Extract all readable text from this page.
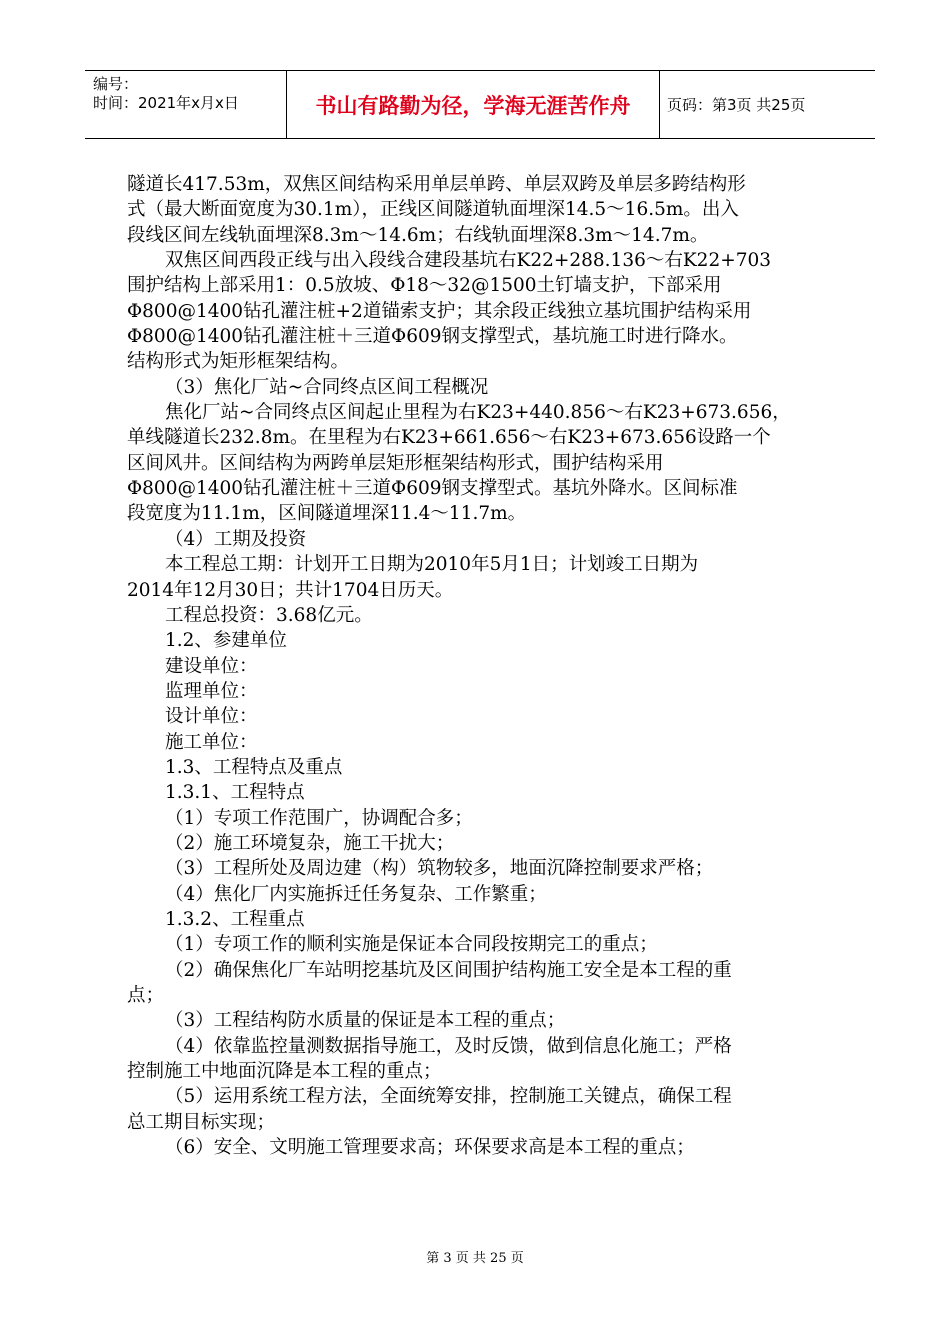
编号：
时间：2021年x月x日	书山有路勤为径，学海无涯苦作舟	页码：第3页 共25页
隧道长417.53m，双焦区间结构采用单层单跨、单层双跨及单层多跨结构形
式（最大断面宽度为30.1m），正线区间隧道轨面埋深14.5～16.5m。出入
段线区间左线轨面埋深8.3m～14.6m；右线轨面埋深8.3m～14.7m。
双焦区间西段正线与出入段线合建段基坑右K22+288.136～右K22+703
围护结构上部采用1：0.5放坡、Φ18～32@1500土钉墙支护，下部采用
Φ800@1400钻孔灌注桩+2道锚索支护；其余段正线独立基坑围护结构采用
Φ800@1400钻孔灌注桩＋三道Φ609钢支撑型式，基坑施工时进行降水。
结构形式为矩形框架结构。
（3）焦化厂站~合同终点区间工程概况
焦化厂站~合同终点区间起止里程为右K23+440.856～右K23+673.656，
单线隧道长232.8m。在里程为右K23+661.656～右K23+673.656设路一个
区间风井。区间结构为两跨单层矩形框架结构形式，围护结构采用
Φ800@1400钻孔灌注桩＋三道Φ609钢支撑型式。基坑外降水。区间标准
段宽度为11.1m，区间隧道埋深11.4～11.7m。
（4）工期及投资
本工程总工期：计划开工日期为2010年5月1日；计划竣工日期为
2014年12月30日；共计1704日历天。
工程总投资：3.68亿元。
1.2、参建单位
建设单位：
监理单位：
设计单位：
施工单位：
1.3、工程特点及重点
1.3.1、工程特点
（1）专项工作范围广，协调配合多；
（2）施工环境复杂，施工干扰大；
（3）工程所处及周边建（构）筑物较多，地面沉降控制要求严格；
（4）焦化厂内实施拆迁任务复杂、工作繁重；
1.3.2、工程重点
（1）专项工作的顺利实施是保证本合同段按期完工的重点；
（2）确保焦化厂车站明挖基坑及区间围护结构施工安全是本工程的重
点；
（3）工程结构防水质量的保证是本工程的重点；
（4）依靠监控量测数据指导施工，及时反馈，做到信息化施工；严格
控制施工中地面沉降是本工程的重点；
（5）运用系统工程方法，全面统筹安排，控制施工关键点，确保工程
总工期目标实现；
（6）安全、文明施工管理要求高；环保要求高是本工程的重点；
第 3 页 共 25 页
